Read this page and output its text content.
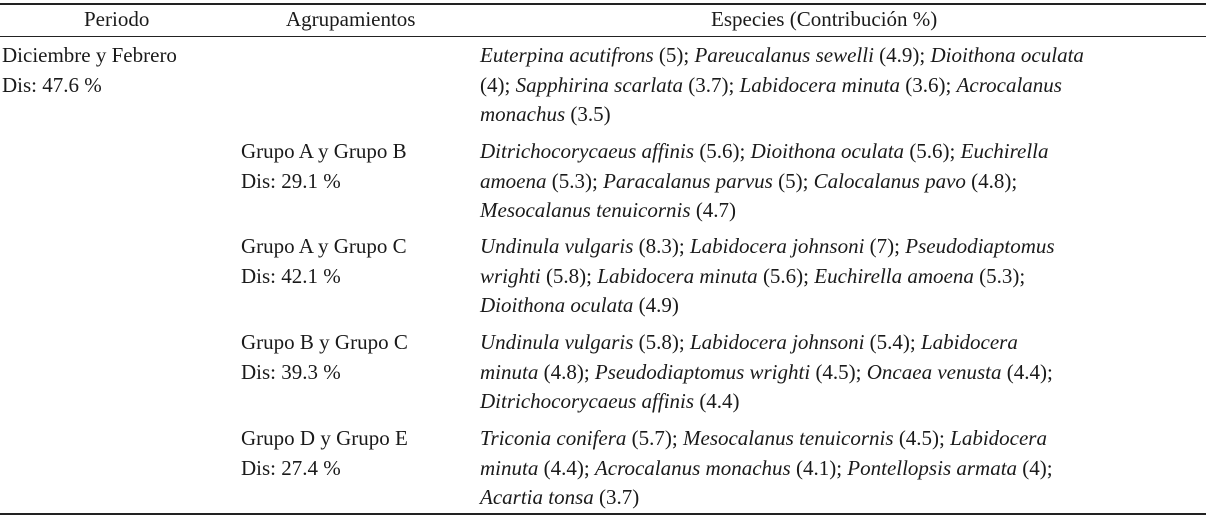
Periodo	Agrupamientos	Especies (Contribución %)
Diciembre y Febrero
Dis: 47.6 %
Euterpina acutifrons (5); Pareucalanus sewelli (4.9); Dioithona oculata
(4); Sapphirina scarlata (3.7); Labidocera minuta (3.6); Acrocalanus
monachus (3.5)
Grupo A y Grupo B
Dis: 29.1 %
Ditrichocorycaeus affinis (5.6); Dioithona oculata (5.6); Euchirella
amoena (5.3); Paracalanus parvus (5); Calocalanus pavo (4.8);
Mesocalanus tenuicornis (4.7)
Grupo A y Grupo C
Dis: 42.1 %
Undinula vulgaris (8.3); Labidocera johnsoni (7); Pseudodiaptomus
wrighti (5.8); Labidocera minuta (5.6); Euchirella amoena (5.3);
Dioithona oculata (4.9)
Grupo B y Grupo C
Dis: 39.3 %
Undinula vulgaris (5.8); Labidocera johnsoni (5.4); Labidocera
minuta (4.8); Pseudodiaptomus wrighti (4.5); Oncaea venusta (4.4);
Ditrichocorycaeus affinis (4.4)
Grupo D y Grupo E
Dis: 27.4 %
Triconia conifera (5.7); Mesocalanus tenuicornis (4.5); Labidocera
minuta (4.4); Acrocalanus monachus (4.1); Pontellopsis armata (4);
Acartia tonsa (3.7)
